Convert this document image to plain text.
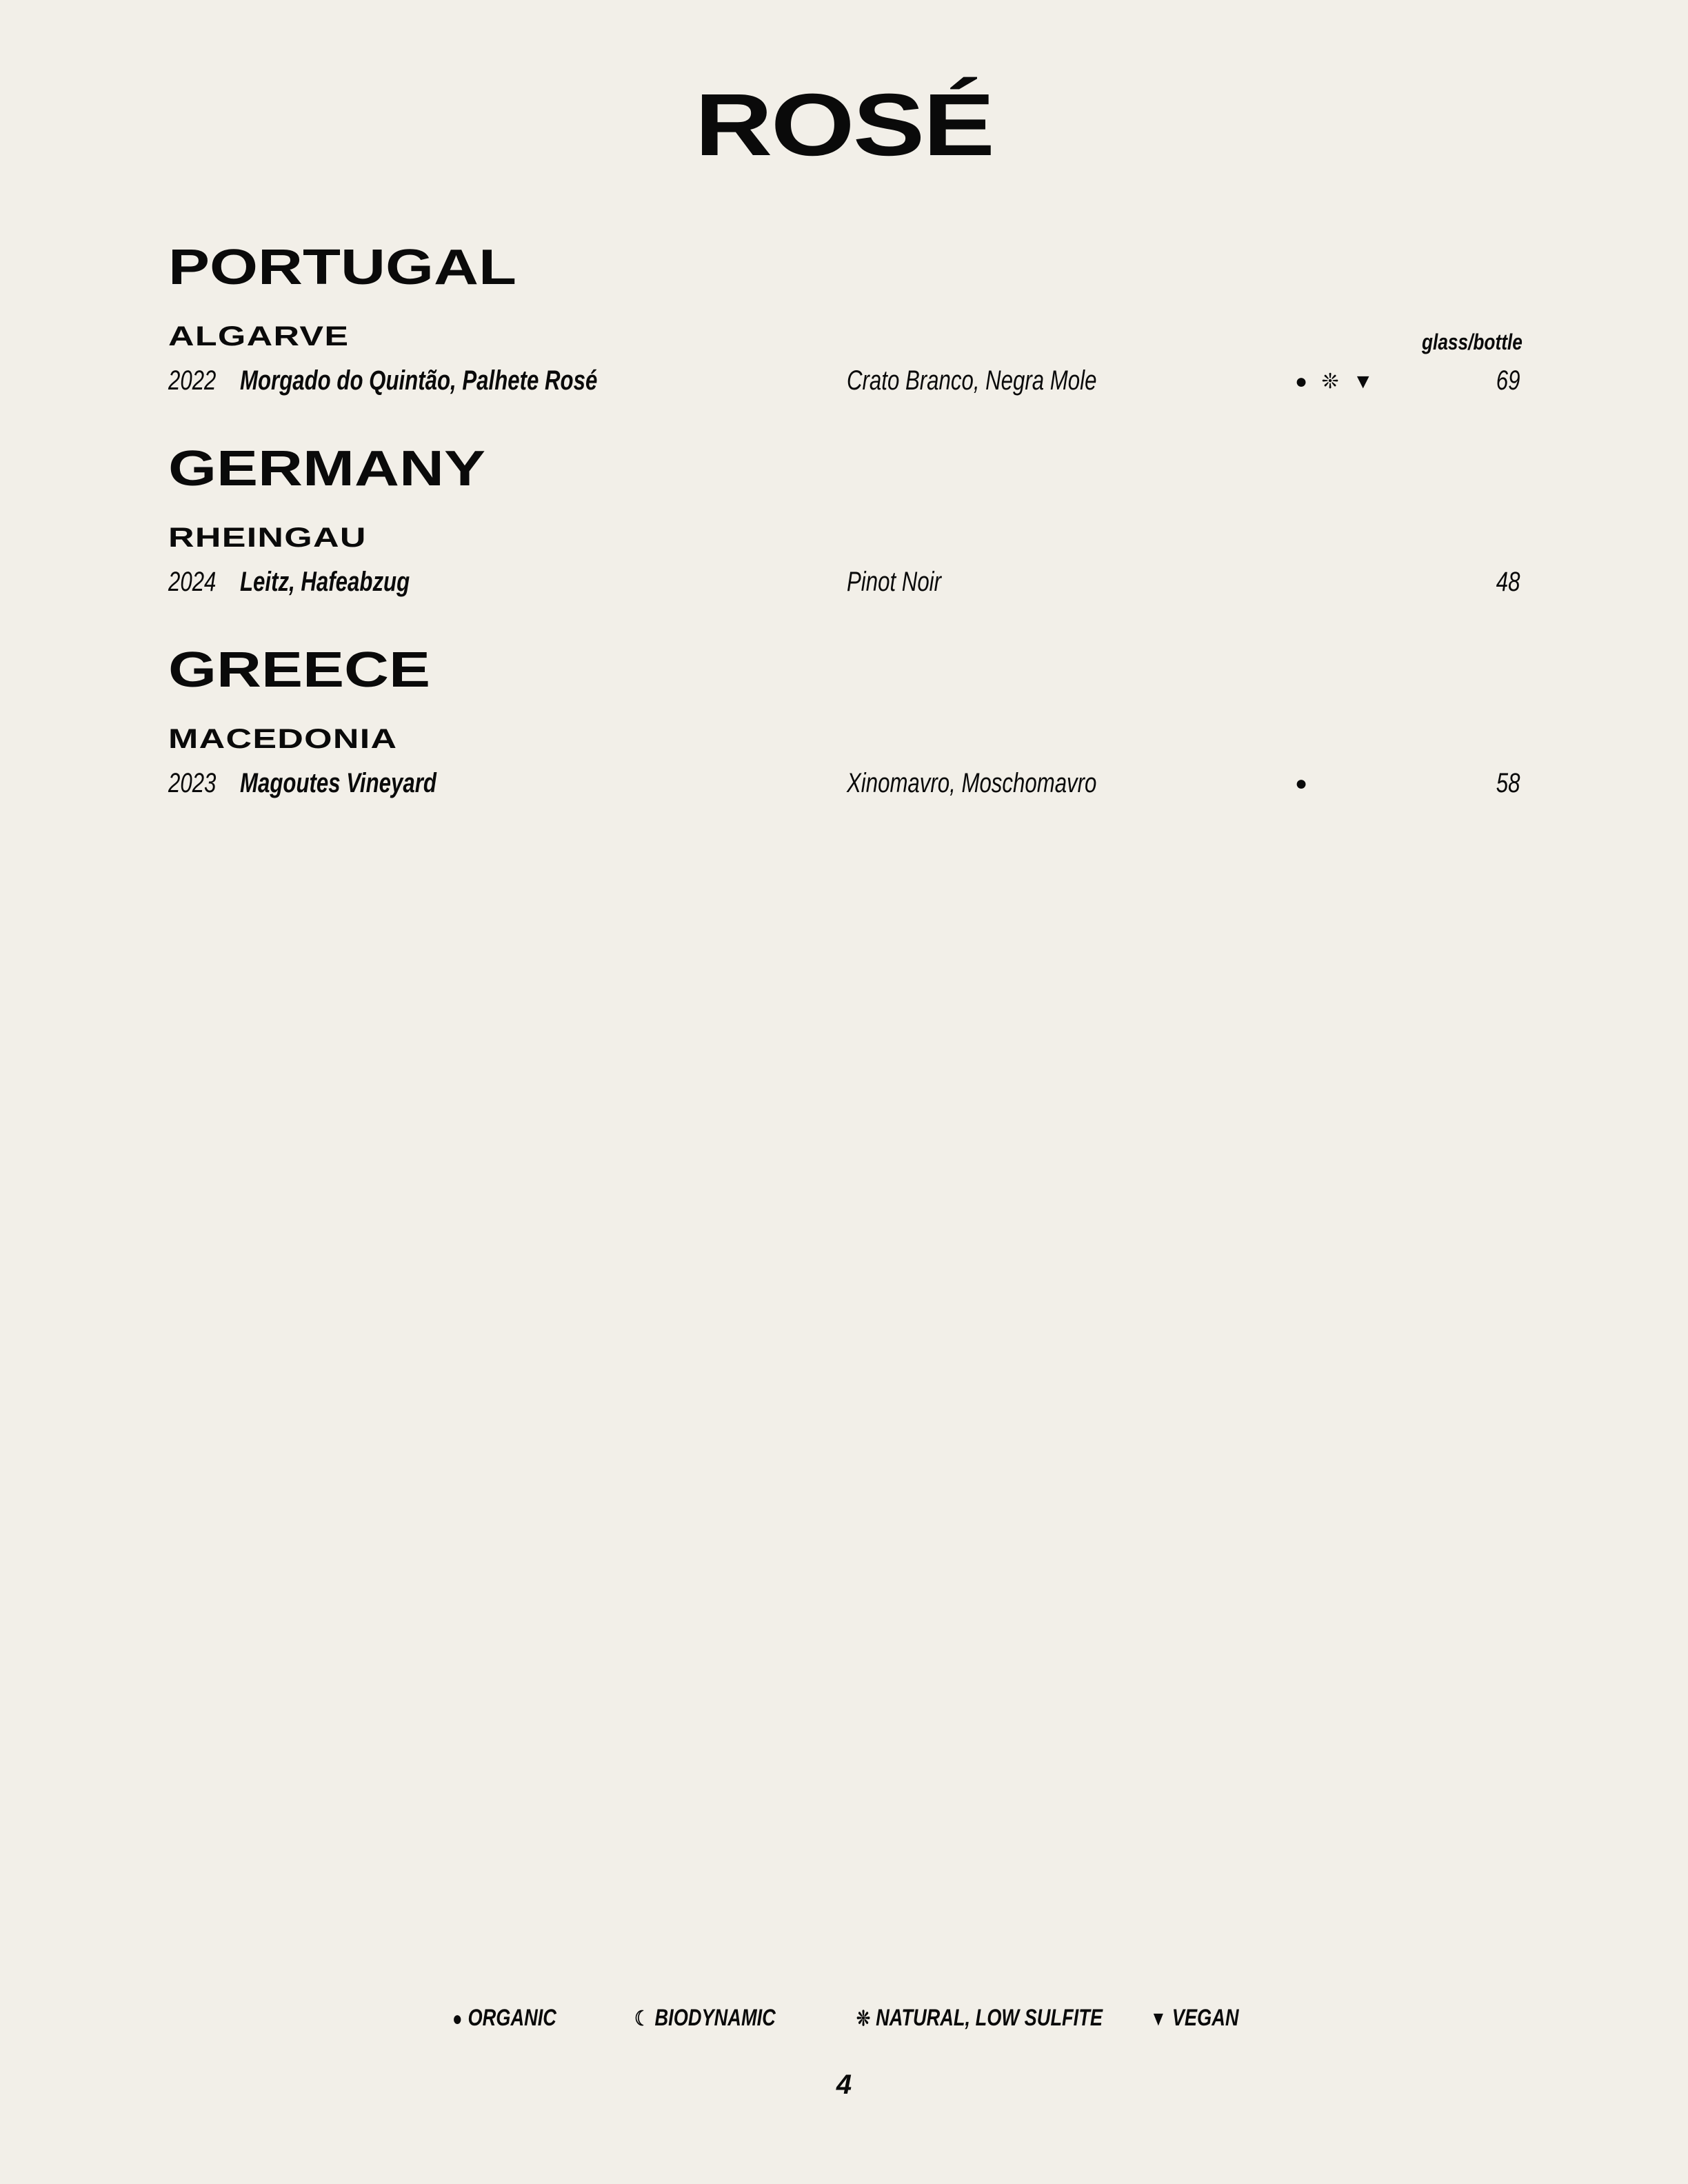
ROSÉ
glass/bottle
PORTUGAL
ALGARVE
2022 Morgado do Quintão, Palhete Rosé	Crato Branco, Negra Mole	● ❊ ▼	69
GERMANY
RHEINGAU
2024 Leitz, Hafeabzug	Pinot Noir	48
GREECE
MACEDONIA
2023 Magoutes Vineyard	Xinomavro, Moschomavro	●	58
● ORGANIC	☾ BIODYNAMIC	❊ NATURAL, LOW SULFITE ▼ VEGAN
4
